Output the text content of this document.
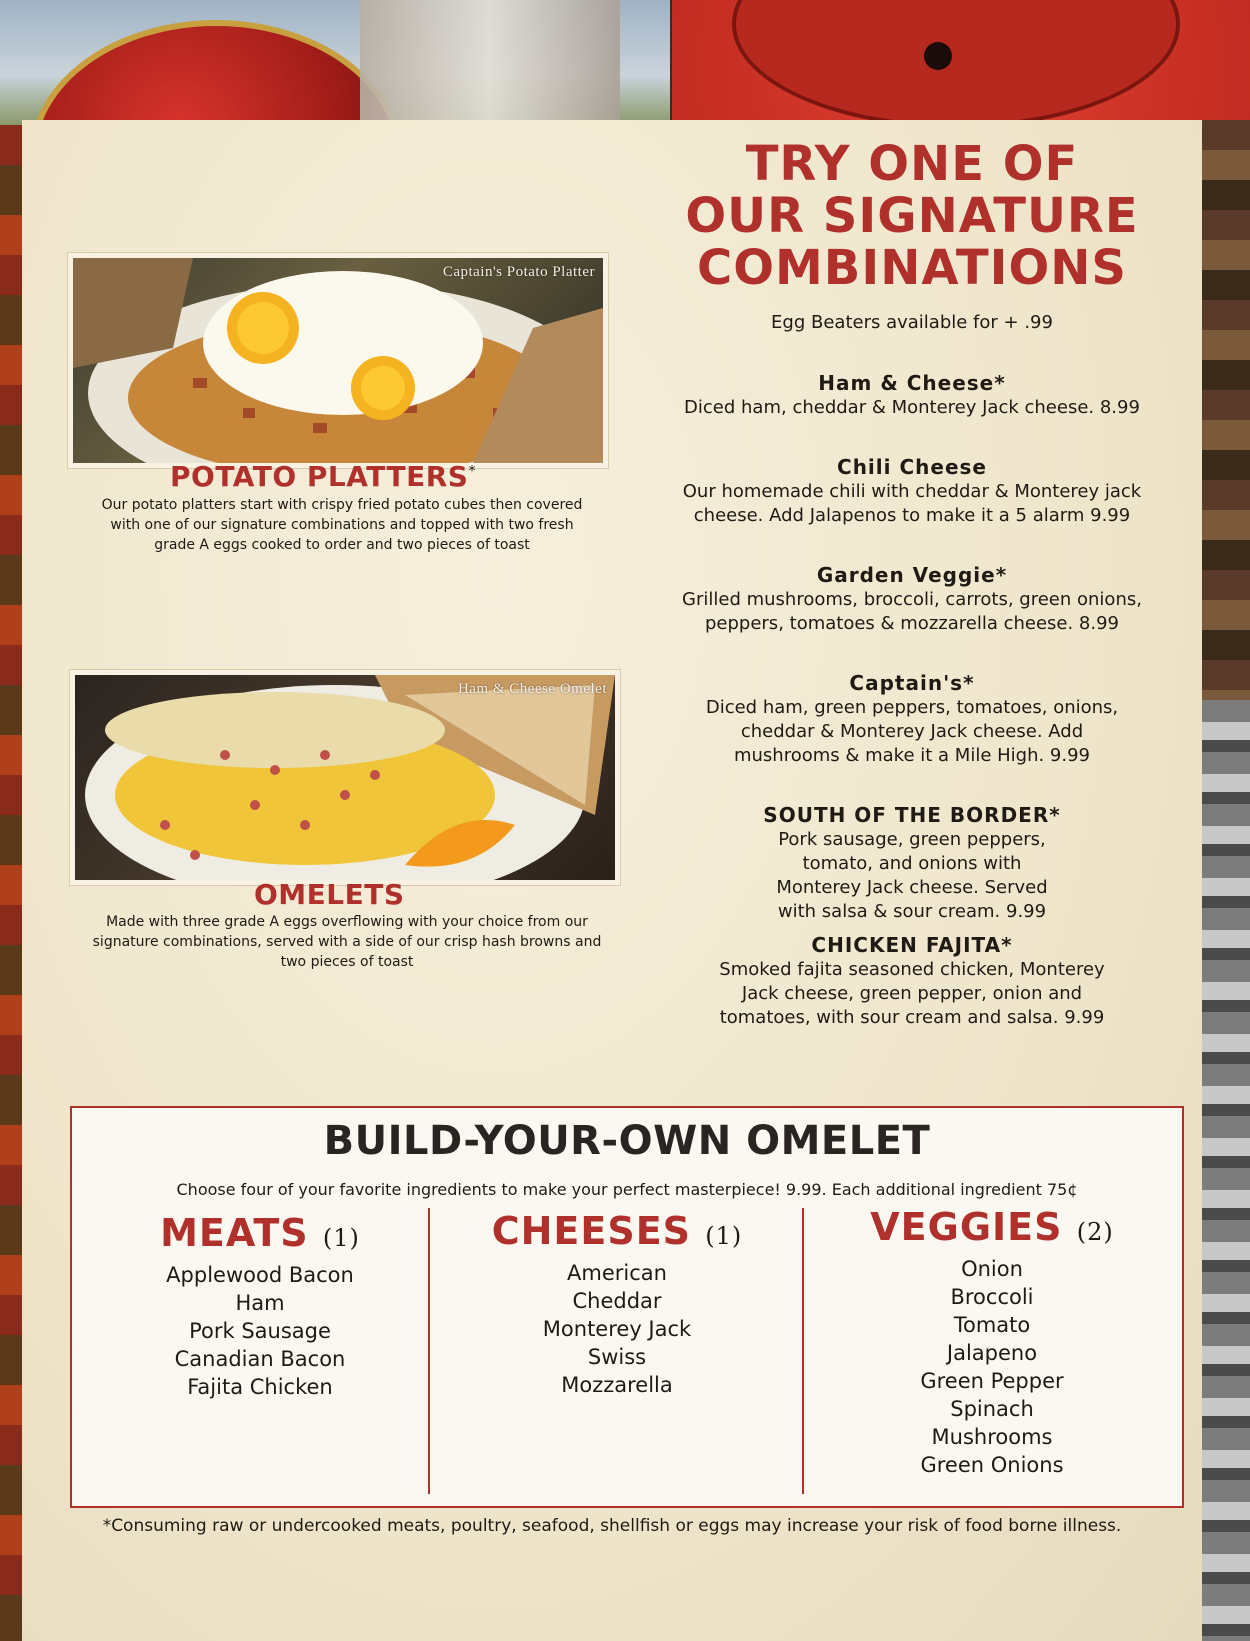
Captain's Potato Platter
POTATO PLATTERS*
Our potato platters start with crispy fried potato cubes then covered with one of our signature combinations and topped with two fresh grade A eggs cooked to order and two pieces of toast
Ham & Cheese Omelet
OMELETS
Made with three grade A eggs overflowing with your choice from our signature combinations, served with a side of our crisp hash browns and two pieces of toast
TRY ONE OF
OUR SIGNATURE
COMBINATIONS
Egg Beaters available for + .99
Ham & Cheese*
Diced ham, cheddar & Monterey Jack cheese. 8.99
Chili Cheese
Our homemade chili with cheddar & Monterey jack cheese. Add Jalapenos to make it a 5 alarm 9.99
Garden Veggie*
Grilled mushrooms, broccoli, carrots, green onions, peppers, tomatoes & mozzarella cheese. 8.99
Captain's*
Diced ham, green peppers, tomatoes, onions, cheddar & Monterey Jack cheese. Add mushrooms & make it a Mile High. 9.99
SOUTH OF THE BORDER*
Pork sausage, green peppers, tomato, and onions with Monterey Jack cheese. Served with salsa & sour cream. 9.99
CHICKEN FAJITA*
Smoked fajita seasoned chicken, Monterey Jack cheese, green pepper, onion and tomatoes, with sour cream and salsa. 9.99
BUILD-YOUR-OWN OMELET
Choose four of your favorite ingredients to make your perfect masterpiece! 9.99. Each additional ingredient 75¢
MEATS (1)
Applewood Bacon
Ham
Pork Sausage
Canadian Bacon
Fajita Chicken
CHEESES (1)
American
Cheddar
Monterey Jack
Swiss
Mozzarella
VEGGIES (2)
Onion
Broccoli
Tomato
Jalapeno
Green Pepper
Spinach
Mushrooms
Green Onions
*Consuming raw or undercooked meats, poultry, seafood, shellfish or eggs may increase your risk of food borne illness.
